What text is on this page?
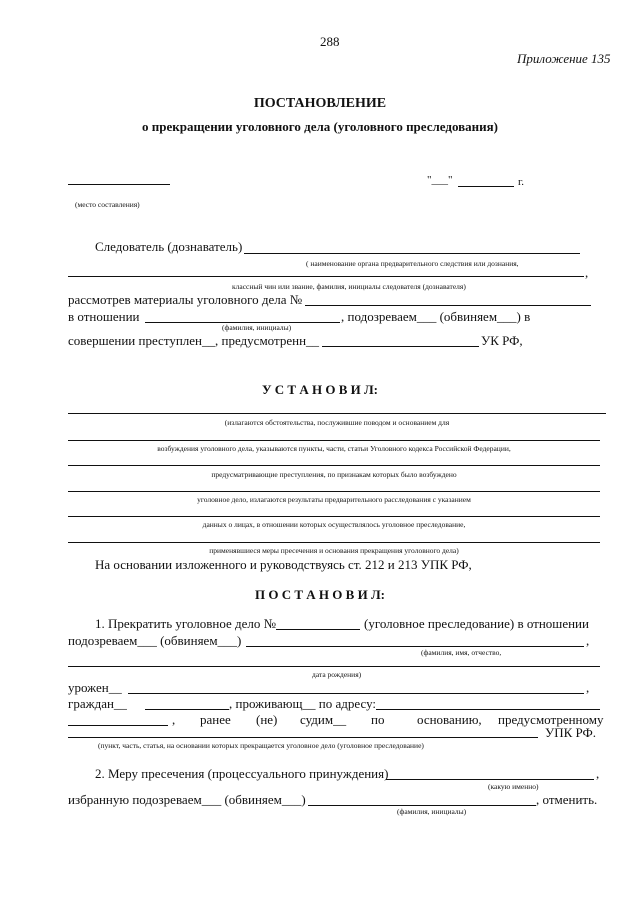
288
Приложение 135
ПОСТАНОВЛЕНИЕ
о прекращении уголовного дела (уголовного преследования)
"___"	г.
(место составления)
Следователь (дознаватель)
( наименование органа предварительного следствия или дознания,
,
классный чин или звание, фамилия, инициалы следователя (дознавателя)
рассмотрев материалы уголовного дела №
в отношении	, подозреваем___ (обвиняем___) в
(фамилия, инициалы)
совершении преступлен__, предусмотренн__	УК РФ,
У С Т А Н О В И Л:
(излагаются обстоятельства, послужившие поводом и основанием для
возбуждения уголовного дела, указываются пункты, части, статьи Уголовного кодекса Российской Федерации,
предусматривающие преступления, по признакам которых было возбуждено
уголовное дело, излагаются результаты предварительного расследования с указанием
данных о лицах, в отношении которых осуществлялось уголовное преследование,
применявшиеся меры пресечения и основания прекращения уголовного дела)
На основании изложенного и руководствуясь ст. 212 и 213 УПК РФ,
П О С Т А Н О В И Л:
1. Прекратить уголовное дело №	(уголовное преследование) в отношении
подозреваем___ (обвиняем___)	,
(фамилия, имя, отчество,
дата рождения)
урожен__	,
граждан__	, проживающ__ по адресу:
, ранее (не) судим__ по	основанию, предусмотренному
УПК РФ.
(пункт, часть, статья, на основании которых прекращается уголовное дело (уголовное преследование)
2. Меру пресечения (процессуального принуждения)	,
(какую именно)
избранную подозреваем___ (обвиняем___)	, отменить.
(фамилия, инициалы)
